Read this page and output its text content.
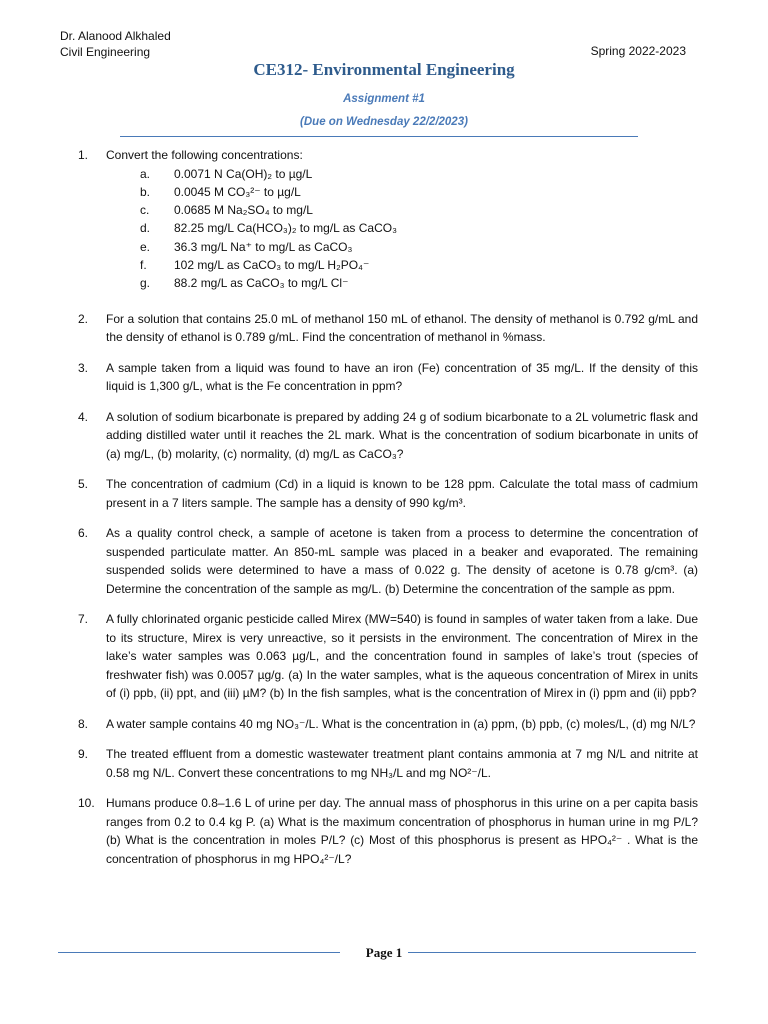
Dr. Alanood Alkhaled
Civil Engineering	Spring 2022-2023
CE312- Environmental Engineering
Assignment #1
(Due on Wednesday 22/2/2023)
1.	Convert the following concentrations:
a.	0.0071 N Ca(OH)₂ to µg/L
b.	0.0045 M CO₃²⁻ to µg/L
c.	0.0685 M Na₂SO₄ to mg/L
d.	82.25 mg/L Ca(HCO₃)₂ to mg/L as CaCO₃
e.	36.3 mg/L Na⁺ to mg/L as CaCO₃
f.	102 mg/L as CaCO₃ to mg/L H₂PO₄⁻
g.	88.2 mg/L as CaCO₃ to mg/L Cl⁻
2.	For a solution that contains 25.0 mL of methanol 150 mL of ethanol. The density of methanol is 0.792 g/mL and the density of ethanol is 0.789 g/mL. Find the concentration of methanol in %mass.
3.	A sample taken from a liquid was found to have an iron (Fe) concentration of 35 mg/L. If the density of this liquid is 1,300 g/L, what is the Fe concentration in ppm?
4.	A solution of sodium bicarbonate is prepared by adding 24 g of sodium bicarbonate to a 2L volumetric flask and adding distilled water until it reaches the 2L mark. What is the concentration of sodium bicarbonate in units of (a) mg/L, (b) molarity, (c) normality, (d) mg/L as CaCO₃?
5.	The concentration of cadmium (Cd) in a liquid is known to be 128 ppm. Calculate the total mass of cadmium present in a 7 liters sample. The sample has a density of 990 kg/m³.
6.	As a quality control check, a sample of acetone is taken from a process to determine the concentration of suspended particulate matter. An 850-mL sample was placed in a beaker and evaporated. The remaining suspended solids were determined to have a mass of 0.022 g. The density of acetone is 0.78 g/cm³. (a) Determine the concentration of the sample as mg/L. (b) Determine the concentration of the sample as ppm.
7.	A fully chlorinated organic pesticide called Mirex (MW=540) is found in samples of water taken from a lake. Due to its structure, Mirex is very unreactive, so it persists in the environment. The concentration of Mirex in the lake’s water samples was 0.063 µg/L, and the concentration found in samples of lake’s trout (species of freshwater fish) was 0.0057 µg/g. (a) In the water samples, what is the aqueous concentration of Mirex in units of (i) ppb, (ii) ppt, and (iii) µM? (b) In the fish samples, what is the concentration of Mirex in (i) ppm and (ii) ppb?
8.	A water sample contains 40 mg NO₃⁻/L. What is the concentration in (a) ppm, (b) ppb, (c) moles/L, (d) mg N/L?
9.	The treated effluent from a domestic wastewater treatment plant contains ammonia at 7 mg N/L and nitrite at 0.58 mg N/L. Convert these concentrations to mg NH₃/L and mg NO²⁻/L.
10. Humans produce 0.8–1.6 L of urine per day. The annual mass of phosphorus in this urine on a per capita basis ranges from 0.2 to 0.4 kg P. (a) What is the maximum concentration of phosphorus in human urine in mg P/L? (b) What is the concentration in moles P/L? (c) Most of this phosphorus is present as HPO₄²⁻ . What is the concentration of phosphorus in mg HPO₄²⁻/L?
Page 1
